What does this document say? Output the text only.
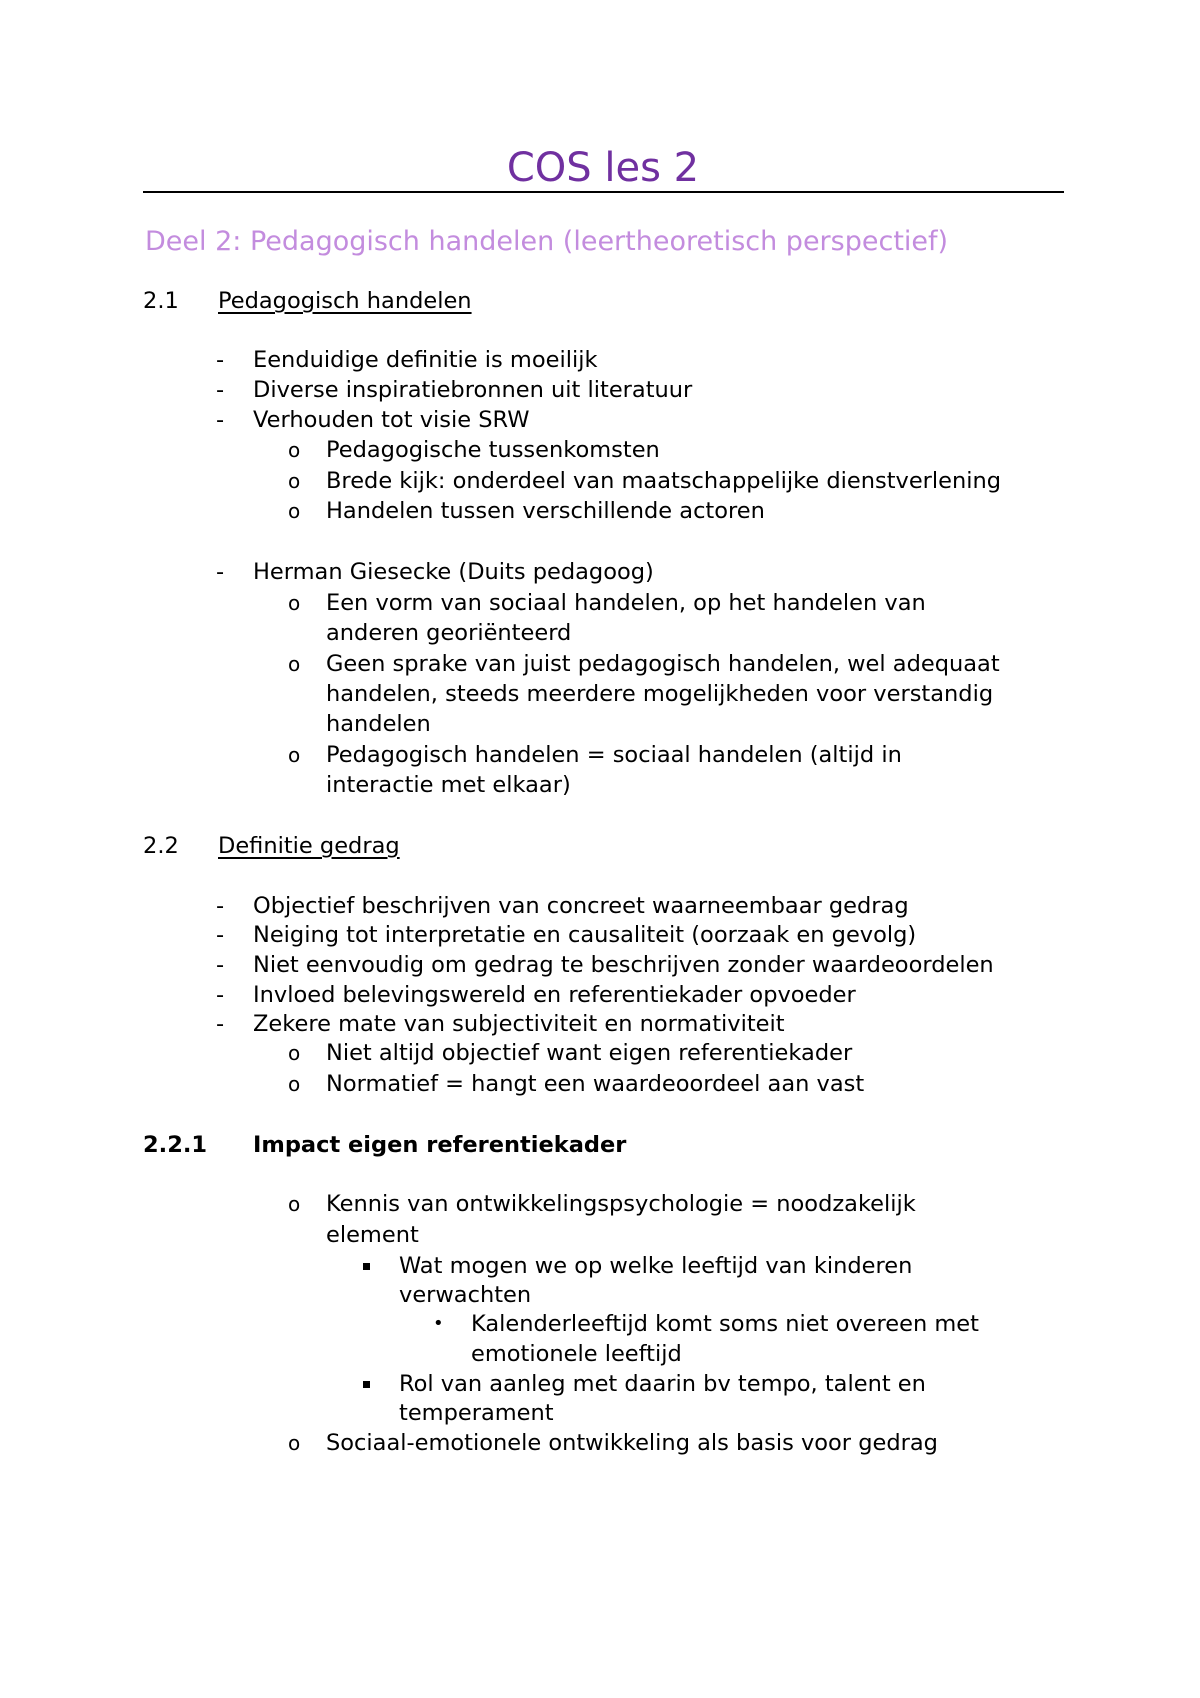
COS les 2
Deel 2: Pedagogisch handelen (leertheoretisch perspectief)
2.1 Pedagogisch handelen
- Eenduidige definitie is moeilijk
- Diverse inspiratiebronnen uit literatuur
- Verhouden tot visie SRW
o Pedagogische tussenkomsten
o Brede kijk: onderdeel van maatschappelijke dienstverlening
o Handelen tussen verschillende actoren
- Herman Giesecke (Duits pedagoog)
o Een vorm van sociaal handelen, op het handelen van
anderen georiënteerd
o Geen sprake van juist pedagogisch handelen, wel adequaat
handelen, steeds meerdere mogelijkheden voor verstandig
handelen
o Pedagogisch handelen = sociaal handelen (altijd in
interactie met elkaar)
2.2 Definitie gedrag
- Objectief beschrijven van concreet waarneembaar gedrag
- Neiging tot interpretatie en causaliteit (oorzaak en gevolg)
- Niet eenvoudig om gedrag te beschrijven zonder waardeoordelen
- Invloed belevingswereld en referentiekader opvoeder
- Zekere mate van subjectiviteit en normativiteit
o Niet altijd objectief want eigen referentiekader
o Normatief = hangt een waardeoordeel aan vast
2.2.1 Impact eigen referentiekader
o Kennis van ontwikkelingspsychologie = noodzakelijk
element
Wat mogen we op welke leeftijd van kinderen
verwachten
• Kalenderleeftijd komt soms niet overeen met
emotionele leeftijd
Rol van aanleg met daarin bv tempo, talent en
temperament
o Sociaal-emotionele ontwikkeling als basis voor gedrag
